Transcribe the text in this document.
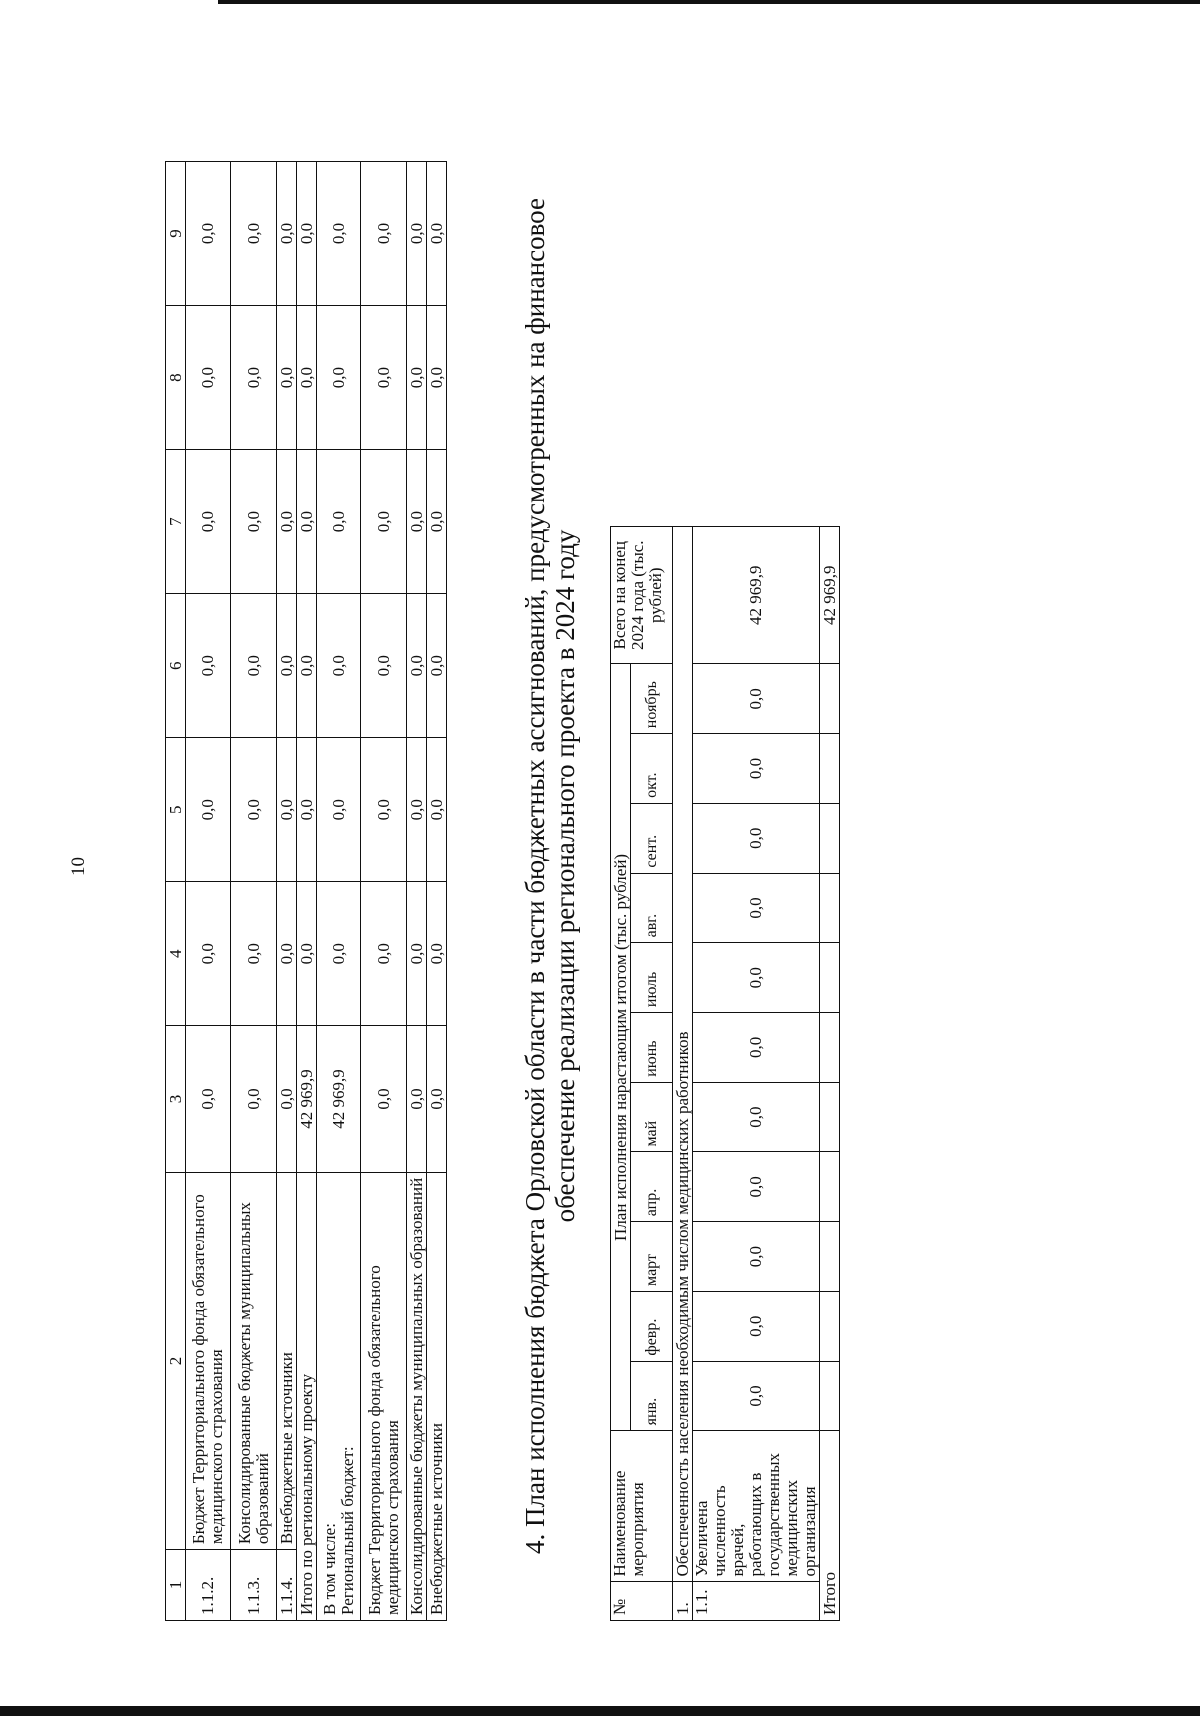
10
1	2	3	4	5	6	7	8	9
1.1.2.	Бюджет Территориального фонда обязательного медицинского страхования	0,0	0,0	0,0	0,0	0,0	0,0	0,0
1.1.3.	Консолидированные бюджеты муниципальных образований	0,0	0,0	0,0	0,0	0,0	0,0	0,0
1.1.4.	Внебюджетные источники	0,0	0,0	0,0	0,0	0,0	0,0	0,0
Итого по региональному проекту		42 969,9	0,0	0,0	0,0	0,0	0,0	0,0
В том числе:
Региональный бюджет:		42 969,9	0,0	0,0	0,0	0,0	0,0	0,0
Бюджет Территориального фонда обязательного медицинского страхования		0,0	0,0	0,0	0,0	0,0	0,0	0,0
Консолидированные бюджеты муниципальных образований		0,0	0,0	0,0	0,0	0,0	0,0	0,0
Внебюджетные источники		0,0	0,0	0,0	0,0	0,0	0,0	0,0	4. План исполнения бюджета Орловской области в части бюджетных ассигнований, предусмотренных на финансовое обеспечение реализации регионального проекта в 2024 году
№	Наименование мероприятия	План исполнения нарастающим итогом (тыс. рублей)											Всего на конец 2024 года (тыс. рублей)
		янв.	февр.	март	апр.	май	июнь	июль	авг.	сент.	окт.	ноябрь	
1.	Обеспеченность населения необходимым числом медицинских работников												
1.1.	Увеличена численность врачей, работающих в государственных медицинских организация	0,0	0,0	0,0	0,0	0,0	0,0	0,0	0,0	0,0	0,0	0,0	42 969,9
Итого													42 969,9
